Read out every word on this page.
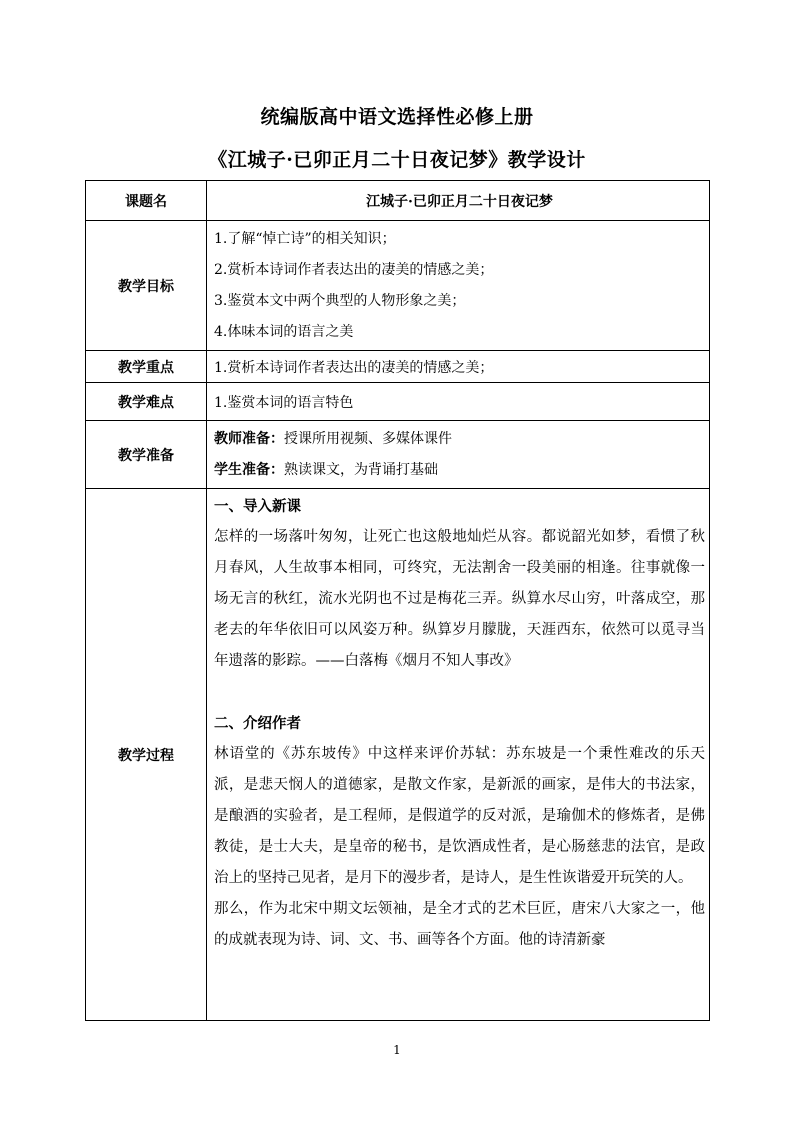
统编版高中语文选择性必修上册
《江城子·已卯正月二十日夜记梦》教学设计
课题名	江城子·已卯正月二十日夜记梦
教学目标	1.了解“悼亡诗”的相关知识；
2.赏析本诗词作者表达出的凄美的情感之美；
3.鉴赏本文中两个典型的人物形象之美；
4.体味本词的语言之美

教学重点	1.赏析本诗词作者表达出的凄美的情感之美；
教学难点	1.鉴赏本词的语言特色
教学准备	教师准备：授课所用视频、多媒体课件
学生准备：熟读课文，为背诵打基础

教学过程	一、导入新课
怎样的一场落叶匆匆，让死亡也这般地灿烂从容。都说韶光如梦，看惯了秋月春风，人生故事本相同，可终究，无法割舍一段美丽的相逢。往事就像一场无言的秋红，流水光阴也不过是梅花三弄。纵算水尽山穷，叶落成空，那老去的年华依旧可以风姿万种。纵算岁月朦胧，天涯西东，依然可以觅寻当年遗落的影踪。——白落梅《烟月不知人事改》
二、介绍作者
林语堂的《苏东坡传》中这样来评价苏轼：苏东坡是一个秉性难改的乐天派，是悲天悯人的道德家，是散文作家，是新派的画家，是伟大的书法家，是酿酒的实验者，是工程师，是假道学的反对派，是瑜伽术的修炼者，是佛教徒，是士大夫，是皇帝的秘书，是饮酒成性者，是心肠慈悲的法官，是政治上的坚持己见者，是月下的漫步者，是诗人，是生性诙谐爱开玩笑的人。
那么，作为北宋中期文坛领袖，是全才式的艺术巨匠，唐宋八大家之一，他的成就表现为诗、词、文、书、画等各个方面。他的诗清新豪
1
